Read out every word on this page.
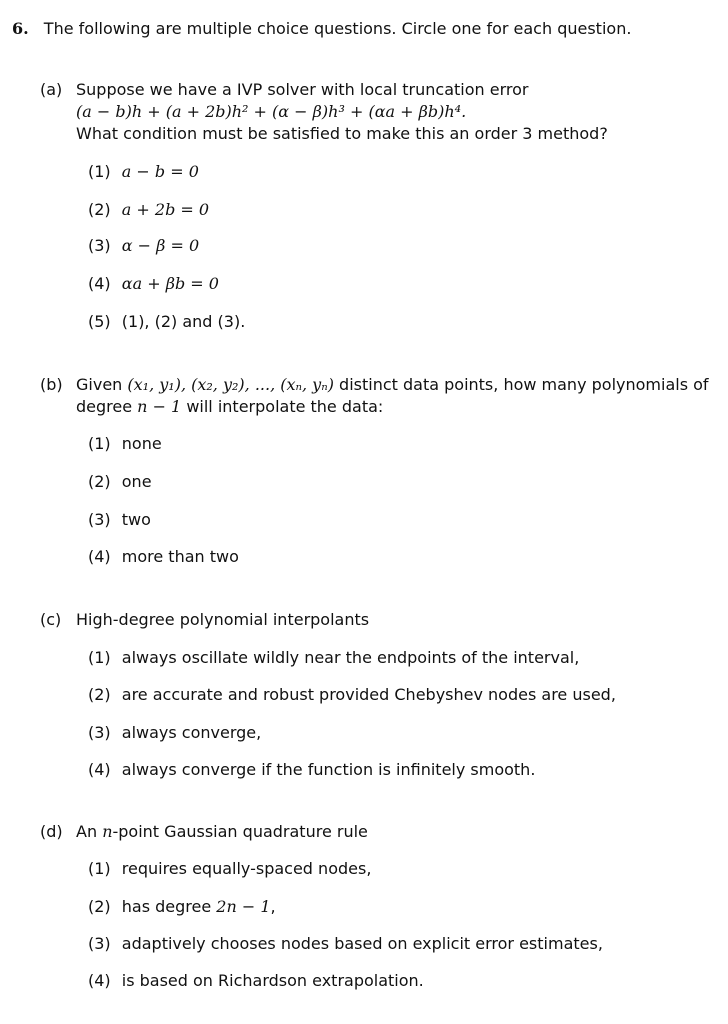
6. The following are multiple choice questions. Circle one for each question.
(a) Suppose we have a IVP solver with local truncation error
(a − b)h + (a + 2b)h² + (α − β)h³ + (αa + βb)h⁴.
What condition must be satisfied to make this an order 3 method?
(1) a − b = 0
(2) a + 2b = 0
(3) α − β = 0
(4) αa + βb = 0
(5) (1), (2) and (3).
(b) Given (x₁, y₁), (x₂, y₂), ..., (xₙ, yₙ) distinct data points, how many polynomials of
degree n − 1 will interpolate the data:
(1) none
(2) one
(3) two
(4) more than two
(c) High-degree polynomial interpolants
(1) always oscillate wildly near the endpoints of the interval,
(2) are accurate and robust provided Chebyshev nodes are used,
(3) always converge,
(4) always converge if the function is infinitely smooth.
(d) An n-point Gaussian quadrature rule
(1) requires equally-spaced nodes,
(2) has degree 2n − 1,
(3) adaptively chooses nodes based on explicit error estimates,
(4) is based on Richardson extrapolation.
